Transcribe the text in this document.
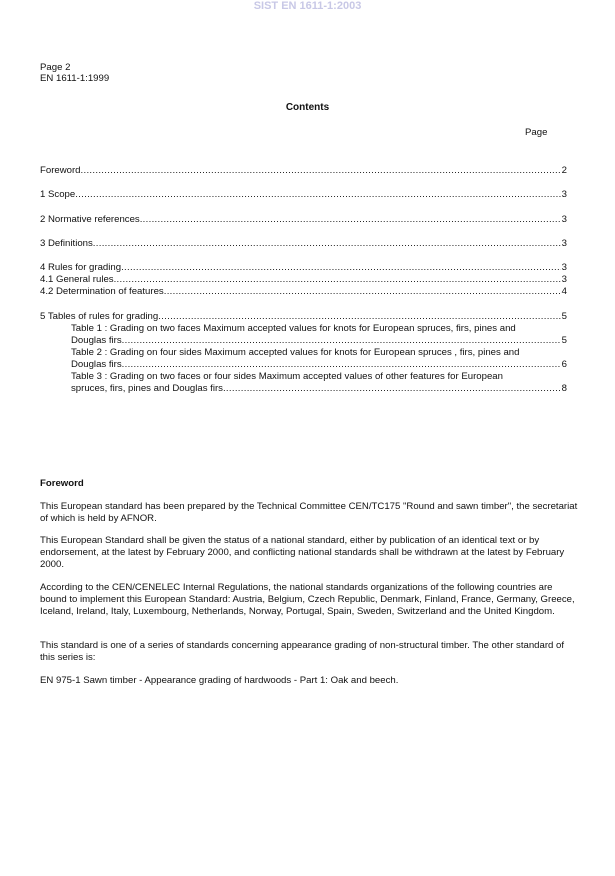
SIST EN 1611-1:2003
Page 2
EN 1611-1:1999
Contents
Page
Foreword .....	2
1 Scope .....	3
2 Normative references .....	3
3 Definitions .....	3
4 Rules for grading .....	3
4.1 General rules .....	3
4.2 Determination of features .....	4
5 Tables of rules for grading .....	5
Table 1 : Grading on two faces Maximum accepted values for knots for European spruces, firs, pines and
Douglas firs .....	5
Table 2 : Grading on four sides Maximum accepted values for knots for European spruces , firs, pines and
Douglas firs .....	6
Table 3 : Grading on two faces or four sides Maximum accepted values of other features for European
spruces, firs, pines and Douglas firs .....	8
Foreword
This European standard has been prepared by the Technical Committee CEN/TC175 "Round and sawn timber", the secretariat of which is held by AFNOR.
This European Standard shall be given the status of a national standard, either by publication of an identical text or by endorsement, at the latest by February 2000, and conflicting national standards shall be withdrawn at the latest by February 2000.
According to the CEN/CENELEC Internal Regulations, the national standards organizations of the following countries are bound to implement this European Standard: Austria, Belgium, Czech Republic, Denmark, Finland, France, Germany, Greece, Iceland, Ireland, Italy, Luxembourg, Netherlands, Norway, Portugal, Spain, Sweden, Switzerland and the United Kingdom.
This standard is one of a series of standards concerning appearance grading of non-structural timber. The other standard of this series is:
EN 975-1 Sawn timber - Appearance grading of hardwoods - Part 1: Oak and beech.
